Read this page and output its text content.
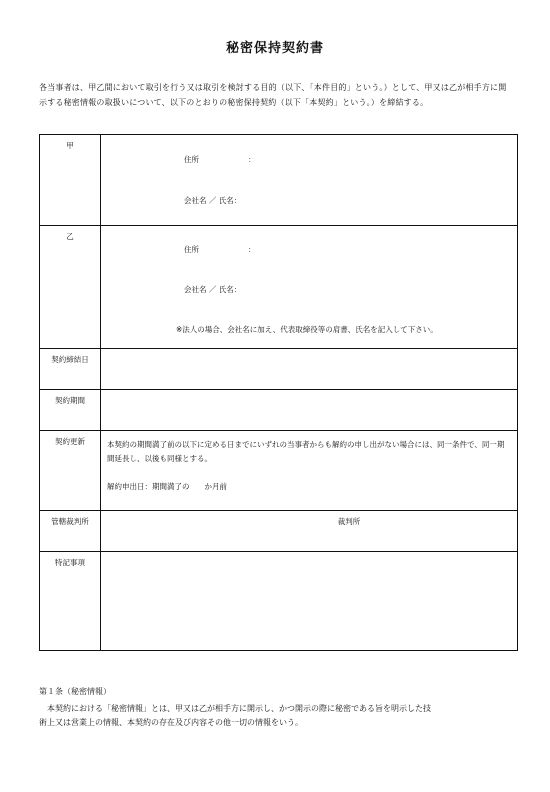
秘密保持契約書
各当事者は、甲乙間において取引を行う又は取引を検討する目的（以下、「本件目的」という。）として、甲又は乙が相手方に開示する秘密情報の取扱いについて、以下のとおりの秘密保持契約（以下「本契約」という。）を締結する。
甲	住所 ：
会社名 ／ 氏名：

乙	住所 ：
会社名 ／ 氏名：
※法人の場合、会社名に加え、代表取締役等の肩書、氏名を記入して下さい。

契約締結日	
契約期間	
契約更新	本契約の期間満了前の以下に定める日までにいずれの当事者からも解約の申し出がない場合には、同一条件で、同一期間延長し、以後も同様とする。
解約申出日：期間満了の　　か月前

管轄裁判所	裁判所

特記事項	
第１条（秘密情報）
本契約における「秘密情報」とは、甲又は乙が相手方に開示し、かつ開示の際に秘密である旨を明示した技
術上又は営業上の情報、本契約の存在及び内容その他一切の情報をいう。
